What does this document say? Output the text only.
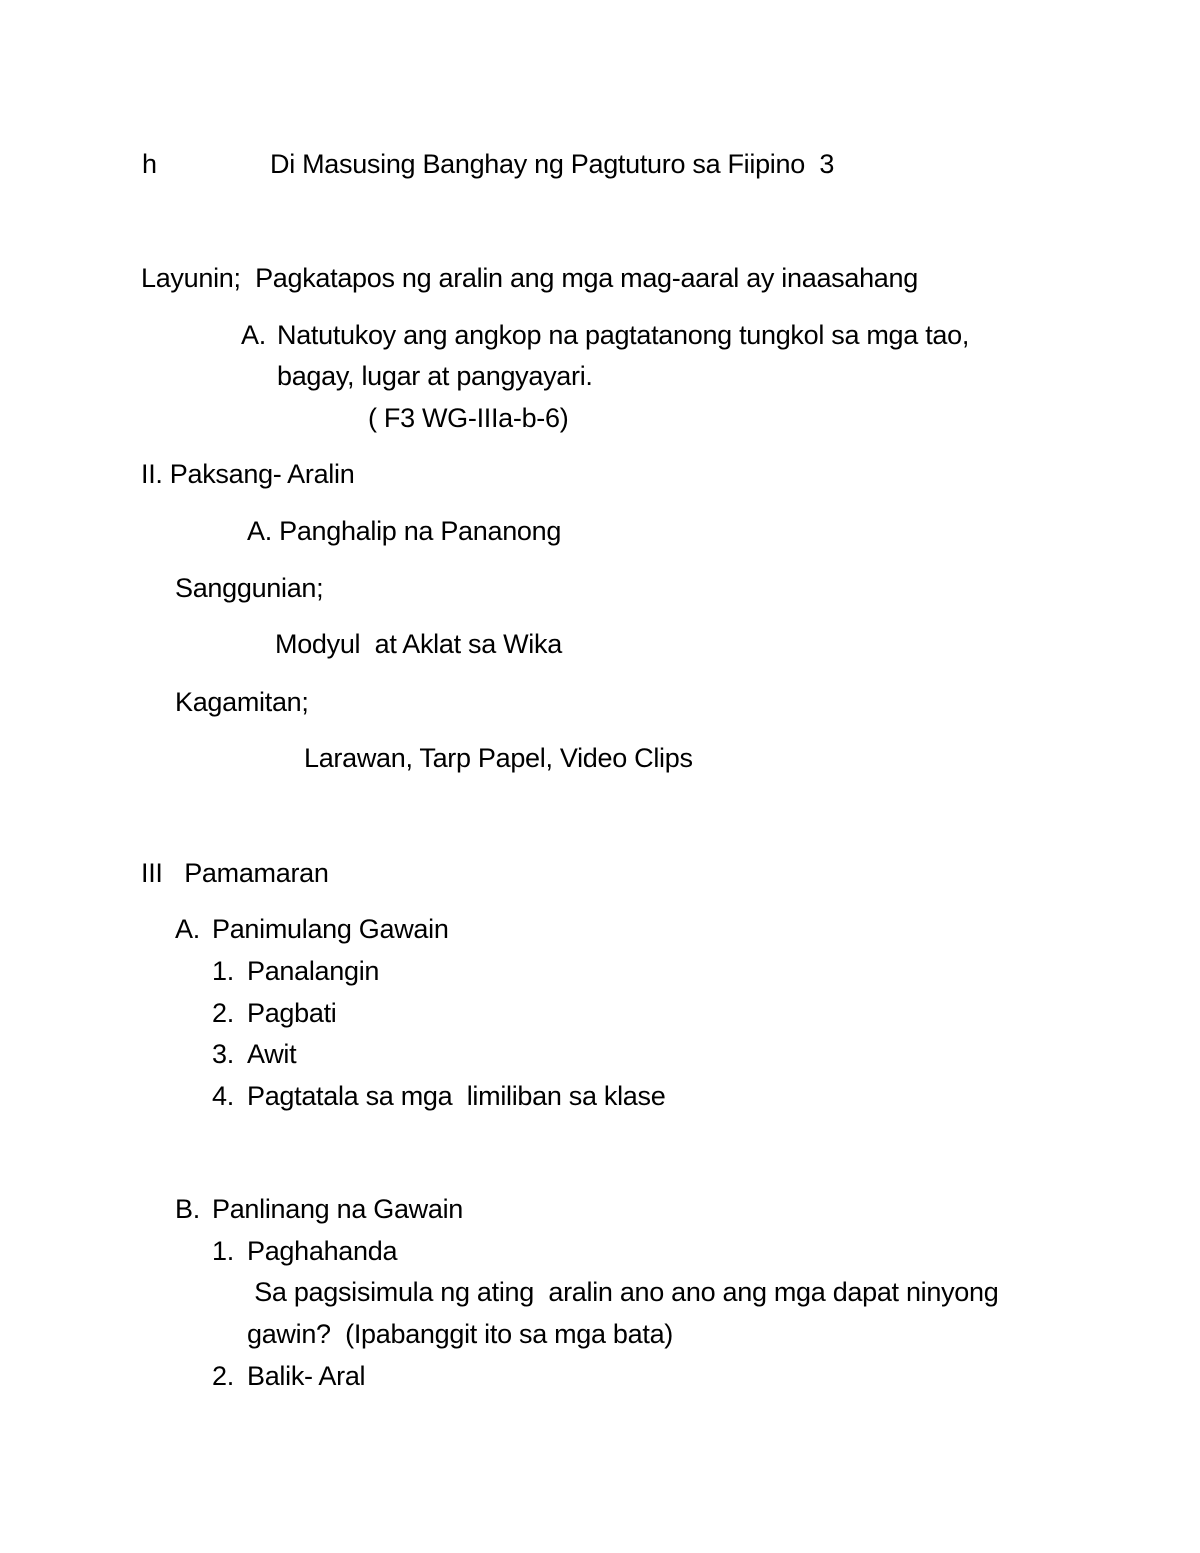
h	Di Masusing Banghay ng Pagtuturo sa Fiipino  3
Layunin;  Pagkatapos ng aralin ang mga mag-aaral ay inaasahang
A. Natutukoy ang angkop na pagtatanong tungkol sa mga tao,
bagay, lugar at pangyayari.
( F3 WG-IIIa-b-6)
II. Paksang- Aralin
A. Panghalip na Pananong
Sanggunian;
Modyul  at Aklat sa Wika
Kagamitan;
Larawan, Tarp Papel, Video Clips
III   Pamamaran
A. Panimulang Gawain
1. Panalangin
2. Pagbati
3. Awit
4. Pagtatala sa mga  limiliban sa klase
B. Panlinang na Gawain
1. Paghahanda
Sa pagsisimula ng ating  aralin ano ano ang mga dapat ninyong
gawin?  (Ipabanggit ito sa mga bata)
2. Balik- Aral
